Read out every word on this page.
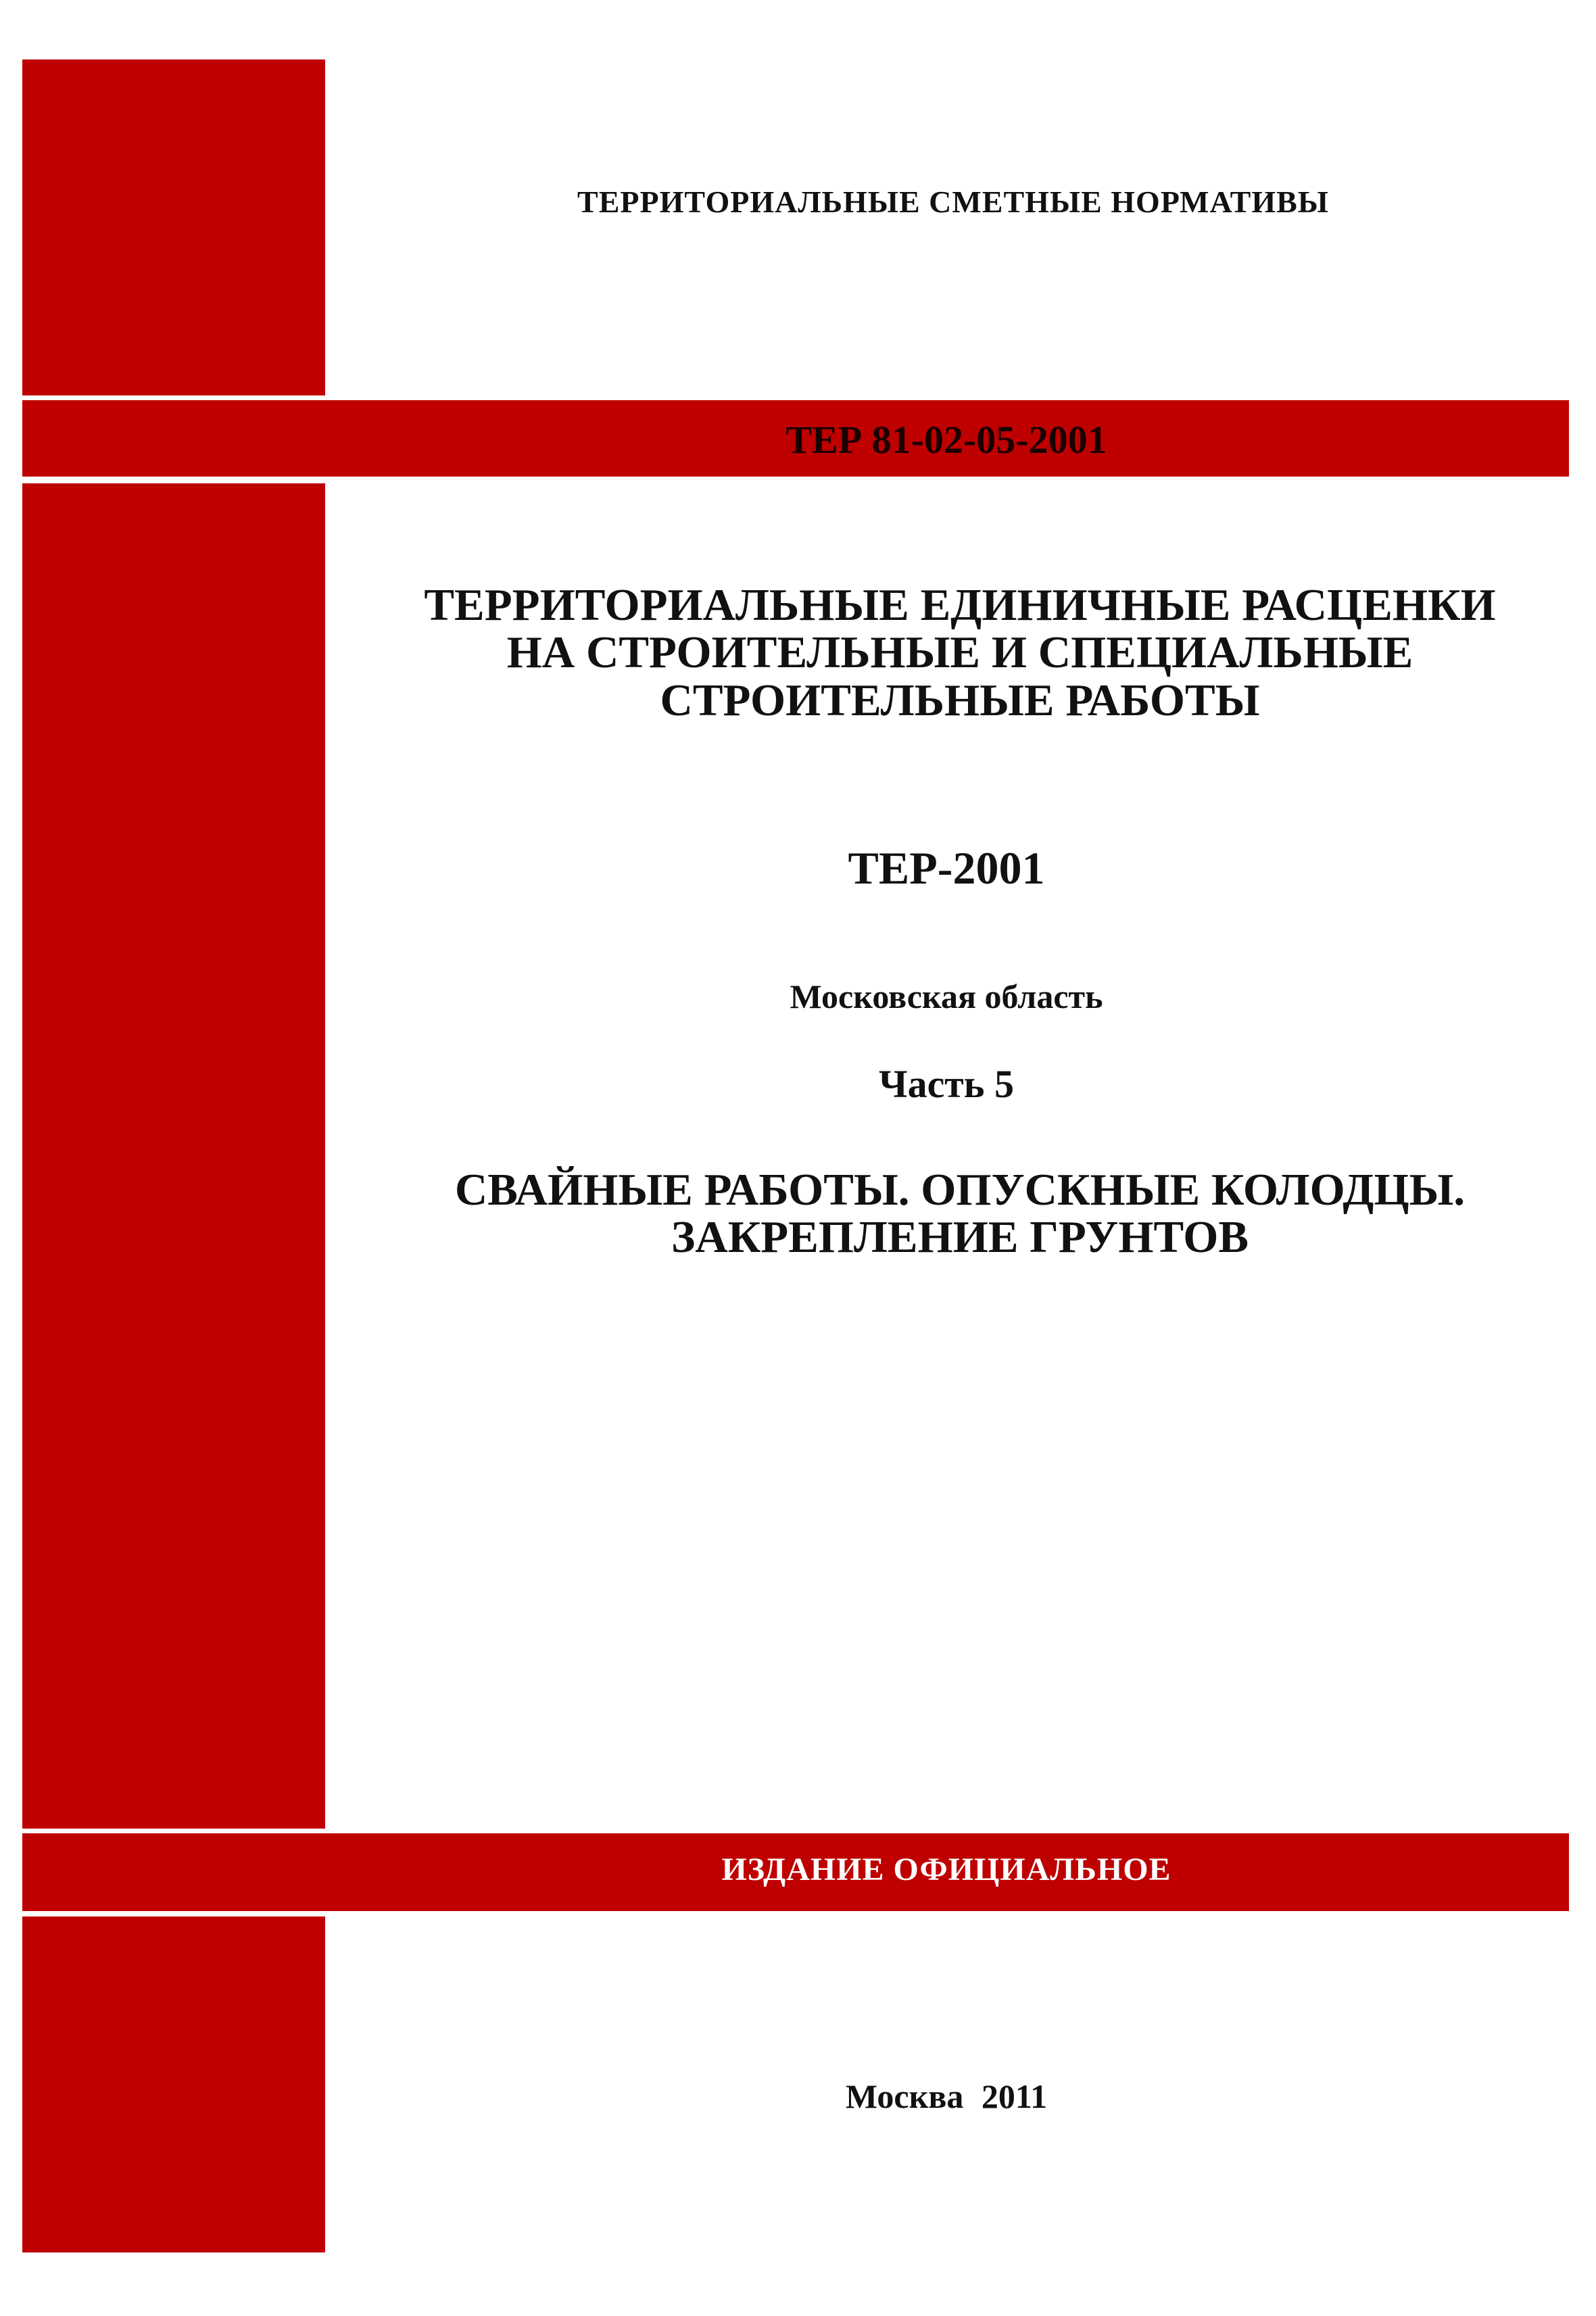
ТЕРРИТОРИАЛЬНЫЕ СМЕТНЫЕ НОРМАТИВЫ
ТЕР 81-02-05-2001
ТЕРРИТОРИАЛЬНЫЕ ЕДИНИЧНЫЕ РАСЦЕНКИ
НА СТРОИТЕЛЬНЫЕ И СПЕЦИАЛЬНЫЕ
СТРОИТЕЛЬНЫЕ РАБОТЫ
ТЕР-2001
Московская область
Часть 5
СВАЙНЫЕ РАБОТЫ. ОПУСКНЫЕ КОЛОДЦЫ.
ЗАКРЕПЛЕНИЕ ГРУНТОВ
ИЗДАНИЕ ОФИЦИАЛЬНОЕ
Москва 2011
